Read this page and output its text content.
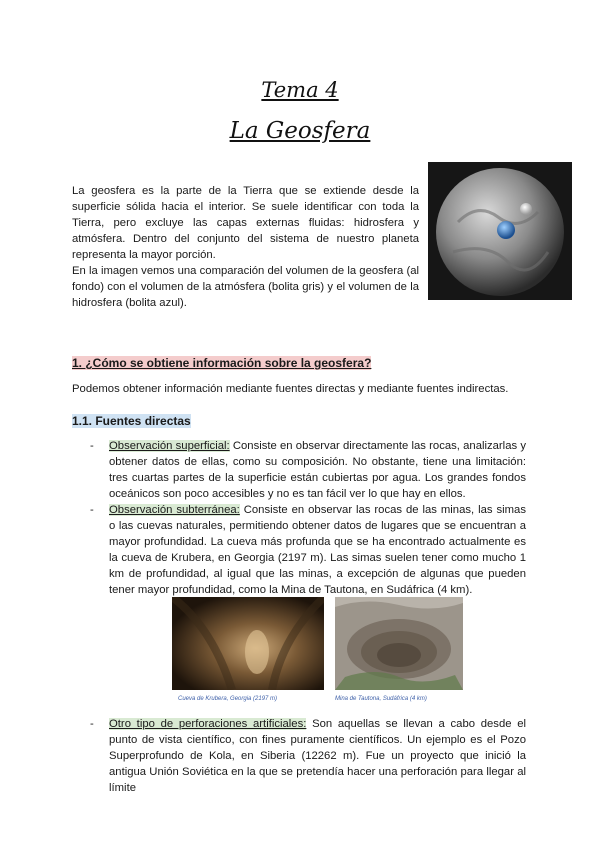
Tema 4
La Geosfera

La geosfera es la parte de la Tierra que se extiende desde la superficie sólida hacia el interior. Se suele identificar con toda la Tierra, pero excluye las capas externas fluidas: hidrosfera y atmósfera. Dentro del conjunto del sistema de nuestro planeta representa la mayor porción.

En la imagen vemos una comparación del volumen de la geosfera (al fondo) con el volumen de la atmósfera (bolita gris) y el volumen de la hidrosfera (bolita azul).

1. ¿Cómo se obtiene información sobre la geosfera?

Podemos obtener información mediante fuentes directas y mediante fuentes indirectas.

1.1. Fuentes directas

- Observación superficial: Consiste en observar directamente las rocas, analizarlas y obtener datos de ellas, como su composición. No obstante, tiene una limitación: tres cuartas partes de la superficie están cubiertas por agua. Los grandes fondos oceánicos son poco accesibles y no es tan fácil ver lo que hay en ellos.

- Observación subterránea: Consiste en observar las rocas de las minas, las simas o las cuevas naturales, permitiendo obtener datos de lugares que se encuentran a mayor profundidad. La cueva más profunda que se ha encontrado actualmente es la cueva de Krubera, en Georgia (2197 m). Las simas suelen tener como mucho 1 km de profundidad, al igual que las minas, a excepción de algunas que pueden tener mayor profundidad, como la Mina de Tautona, en Sudáfrica (4 km).

Cueva de Krubera, Georgia (2197 m)	Mina de Tautona, Sudáfrica (4 km)
- Otro tipo de perforaciones artificiales: Son aquellas se llevan a cabo desde el punto de vista científico, con fines puramente científicos. Un ejemplo es el Pozo Superprofundo de Kola, en Siberia (12262 m). Fue un proyecto que inició la antigua Unión Soviética en la que se pretendía hacer una perforación para llegar al límite
